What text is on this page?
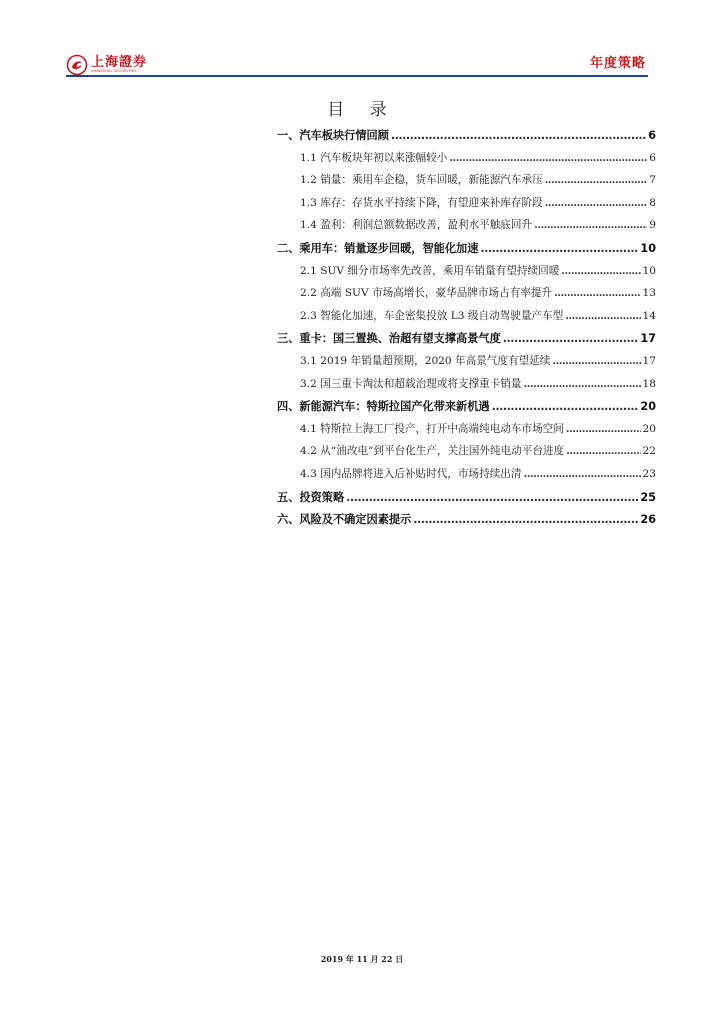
上海證券
SHANGHAI SECURITIES
年度策略
目 录
一、汽车板块行情回顾 .....	6
1.1 汽车板块年初以来涨幅较小 .....	6
1.2 销量：乘用车企稳，货车回暖，新能源汽车承压 .....	7
1.3 库存：存货水平持续下降，有望迎来补库存阶段 .....	8
1.4 盈利：利润总额数据改善，盈利水平触底回升 .....	9
二、乘用车：销量逐步回暖，智能化加速 .....	10
2.1 SUV 细分市场率先改善，乘用车销量有望持续回暖 .....	10
2.2 高端 SUV 市场高增长，豪华品牌市场占有率提升 .....	13
2.3 智能化加速，车企密集投放 L3 级自动驾驶量产车型 .....	14
三、重卡：国三置换、治超有望支撑高景气度 .....	17
3.1 2019 年销量超预期，2020 年高景气度有望延续 .....	17
3.2 国三重卡淘汰和超载治理或将支撑重卡销量 .....	18
四、新能源汽车：特斯拉国产化带来新机遇 .....	20
4.1 特斯拉上海工厂投产，打开中高端纯电动车市场空间 .....	20
4.2 从“油改电”到平台化生产，关注国外纯电动平台进度 .....	22
4.3 国内品牌将进入后补贴时代，市场持续出清 .....	23
五、投资策略 .....	25
六、风险及不确定因素提示 .....	26
2019 年 11 月 22 日
